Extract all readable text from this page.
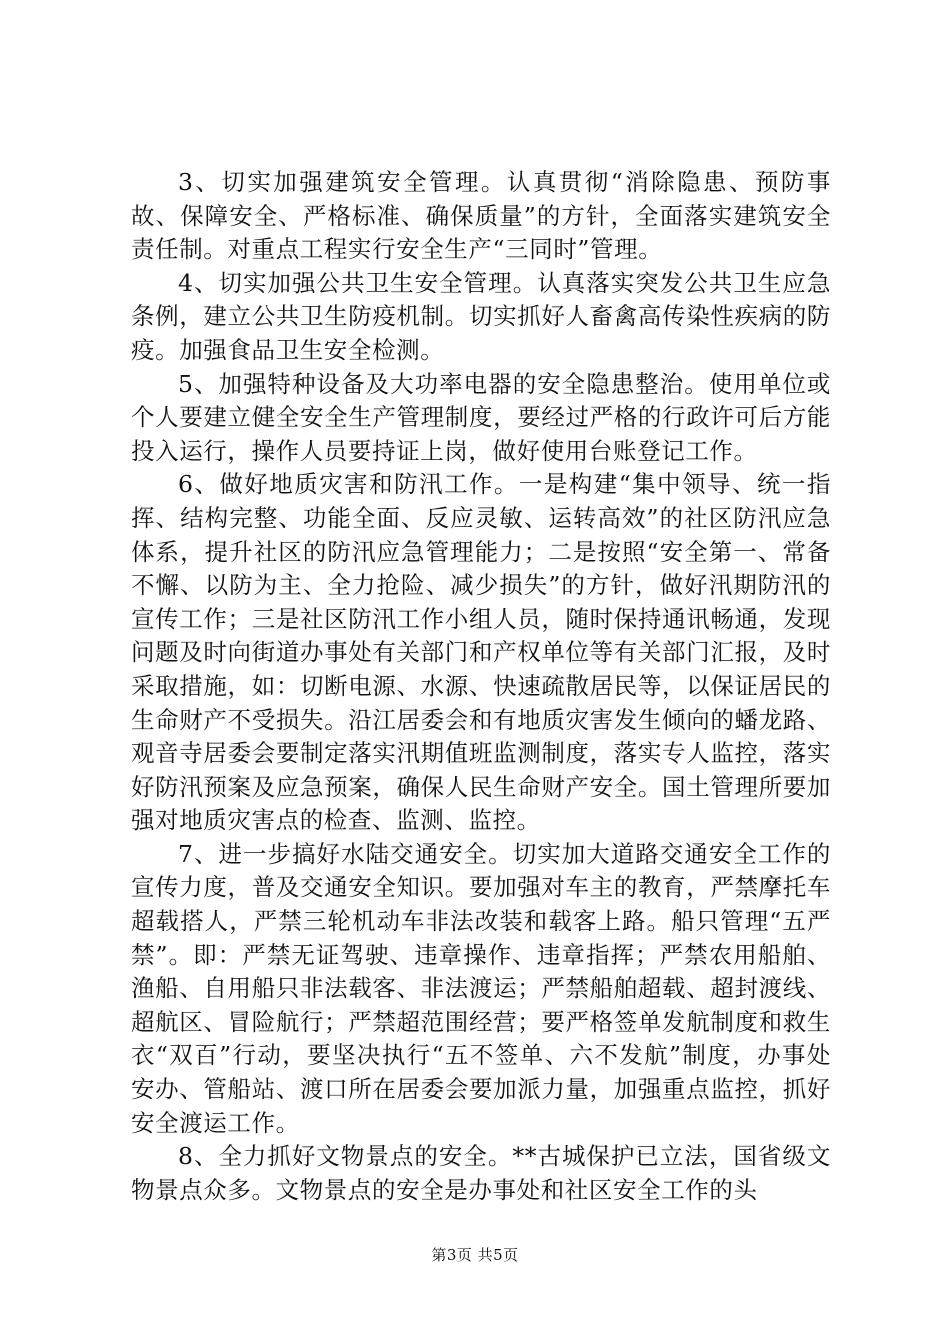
3、切实加强建筑安全管理。认真贯彻“消除隐患、预防事故、保障安全、严格标准、确保质量”的方针，全面落实建筑安全责任制。对重点工程实行安全生产“三同时”管理。

4、切实加强公共卫生安全管理。认真落实突发公共卫生应急条例，建立公共卫生防疫机制。切实抓好人畜禽高传染性疾病的防疫。加强食品卫生安全检测。

5、加强特种设备及大功率电器的安全隐患整治。使用单位或个人要建立健全安全生产管理制度，要经过严格的行政许可后方能投入运行，操作人员要持证上岗，做好使用台账登记工作。

6、做好地质灾害和防汛工作。一是构建“集中领导、统一指挥、结构完整、功能全面、反应灵敏、运转高效”的社区防汛应急体系，提升社区的防汛应急管理能力；二是按照“安全第一、常备不懈、以防为主、全力抢险、减少损失”的方针，做好汛期防汛的宣传工作；三是社区防汛工作小组人员，随时保持通讯畅通，发现问题及时向街道办事处有关部门和产权单位等有关部门汇报，及时采取措施，如：切断电源、水源、快速疏散居民等，以保证居民的生命财产不受损失。沿江居委会和有地质灾害发生倾向的蟠龙路、观音寺居委会要制定落实汛期值班监测制度，落实专人监控，落实好防汛预案及应急预案，确保人民生命财产安全。国土管理所要加强对地质灾害点的检查、监测、监控。

7、进一步搞好水陆交通安全。切实加大道路交通安全工作的宣传力度，普及交通安全知识。要加强对车主的教育，严禁摩托车超载搭人，严禁三轮机动车非法改装和载客上路。船只管理“五严禁”。即：严禁无证驾驶、违章操作、违章指挥；严禁农用船舶、渔船、自用船只非法载客、非法渡运；严禁船舶超载、超封渡线、超航区、冒险航行；严禁超范围经营；要严格签单发航制度和救生衣“双百”行动，要坚决执行“五不签单、六不发航”制度，办事处安办、管船站、渡口所在居委会要加派力量，加强重点监控，抓好安全渡运工作。

8、全力抓好文物景点的安全。**古城保护已立法，国省级文物景点众多。文物景点的安全是办事处和社区安全工作的头

第3页 共5页
